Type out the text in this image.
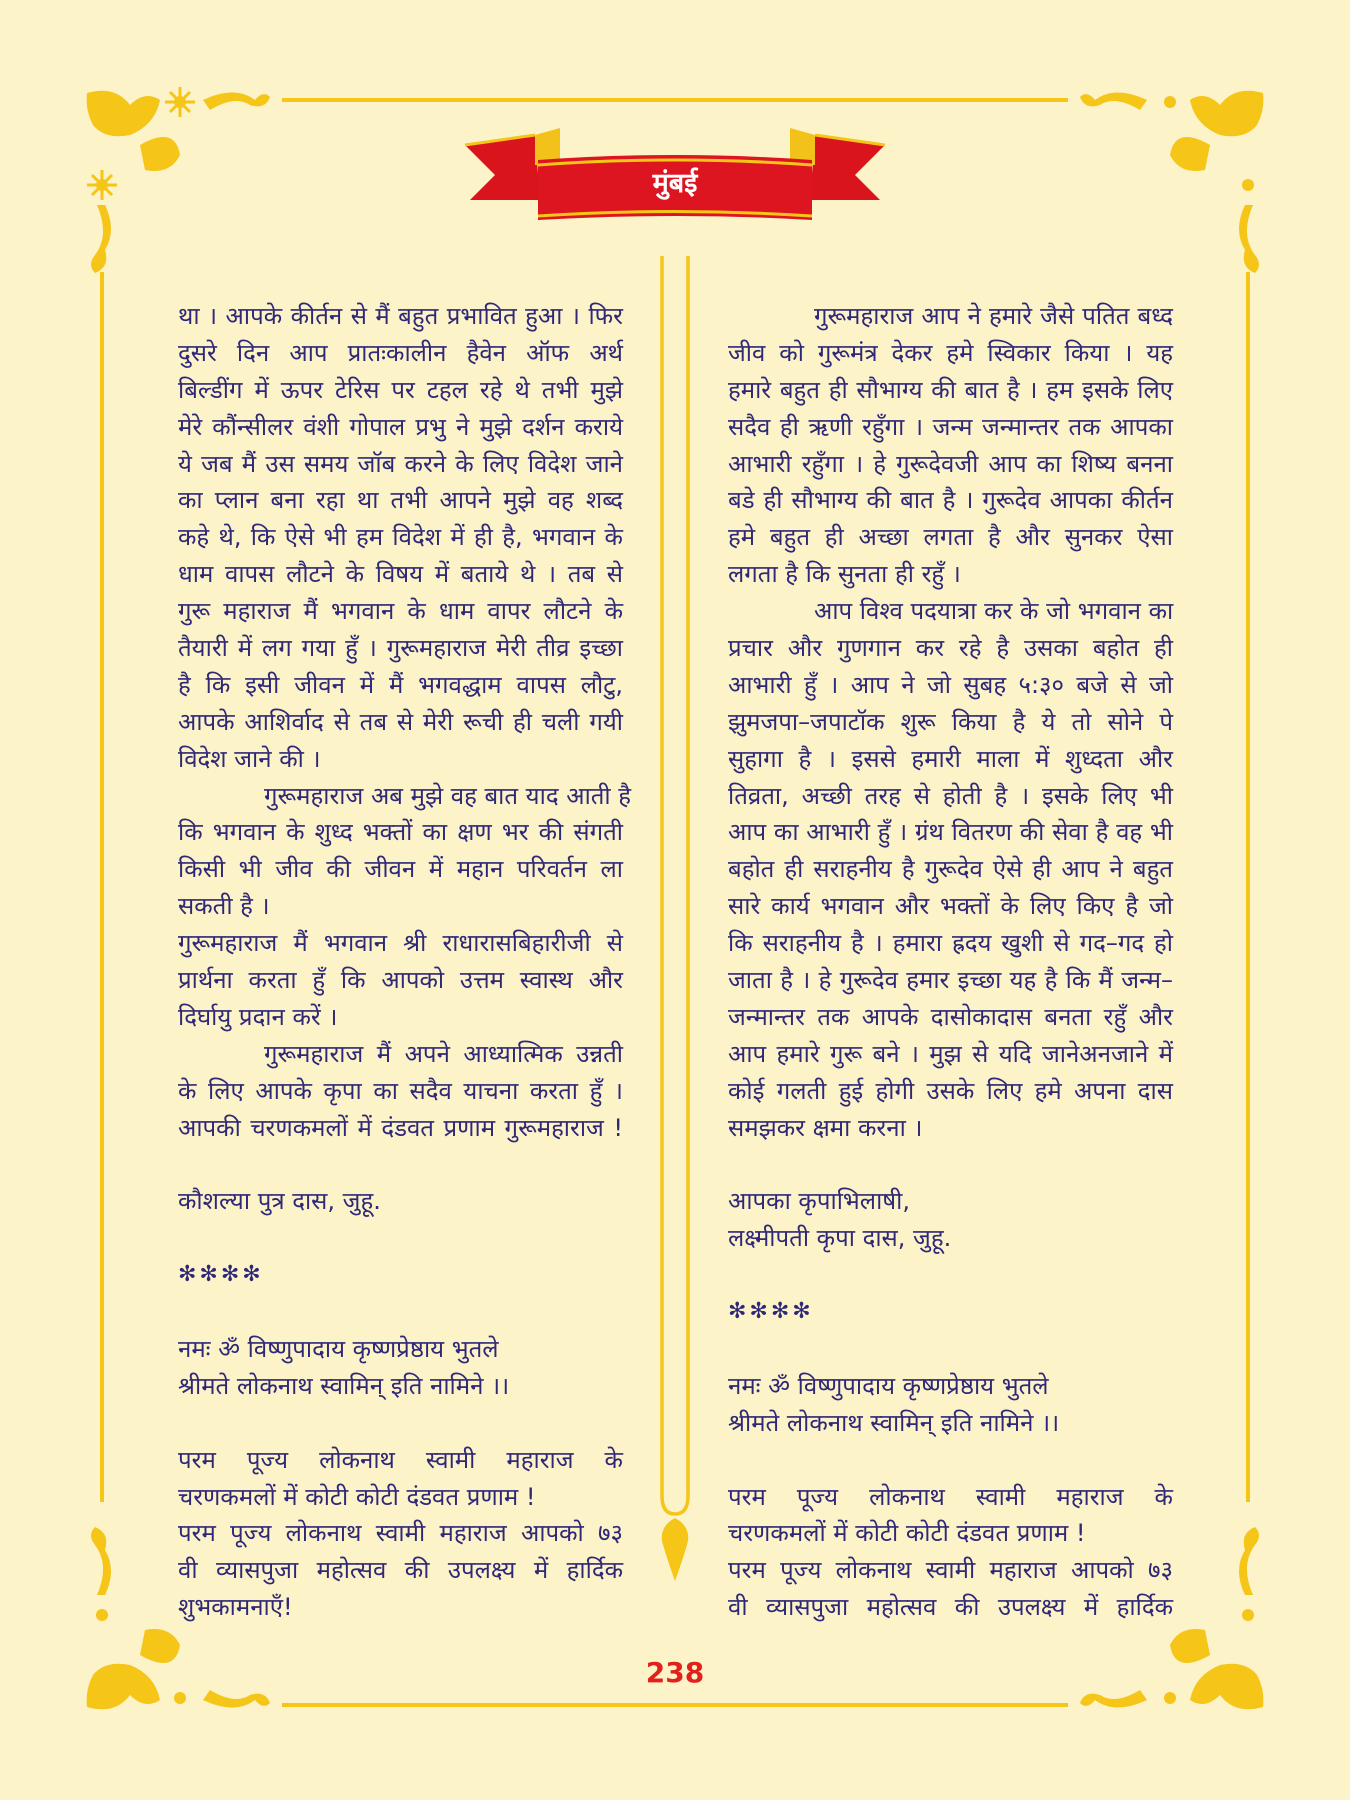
मुंबई
था । आपके कीर्तन से मैं बहुत प्रभावित हुआ । फिर
दुसरे दिन आप प्रातःकालीन हैवेन ऑफ अर्थ
बिल्डींग में ऊपर टेरिस पर टहल रहे थे तभी मुझे
मेरे कौंन्सीलर वंशी गोपाल प्रभु ने मुझे दर्शन कराये
ये जब मैं उस समय जॉब करने के लिए विदेश जाने
का प्लान बना रहा था तभी आपने मुझे वह शब्द
कहे थे, कि ऐसे भी हम विदेश में ही है, भगवान के
धाम वापस लौटने के विषय में बताये थे । तब से
गुरू महाराज मैं भगवान के धाम वापर लौटने के
तैयारी में लग गया हुँ । गुरूमहाराज मेरी तीव्र इच्छा
है कि इसी जीवन में मैं भगवद्धाम वापस लौटु,
आपके आशिर्वाद से तब से मेरी रूची ही चली गयी
विदेश जाने की ।
गुरूमहाराज अब मुझे वह बात याद आती है
कि भगवान के शुध्द भक्तों का क्षण भर की संगती
किसी भी जीव की जीवन में महान परिवर्तन ला
सकती है ।
गुरूमहाराज मैं भगवान श्री राधारासबिहारीजी से
प्रार्थना करता हुँ कि आपको उत्तम स्वास्थ और
दिर्घायु प्रदान करें ।
गुरूमहाराज मैं अपने आध्यात्मिक उन्नती
के लिए आपके कृपा का सदैव याचना करता हुँ ।
आपकी चरणकमलों में दंडवत प्रणाम गुरूमहाराज !

कौशल्या पुत्र दास, जुहू.

✻✻✻✻

नमः ॐ विष्णुपादाय कृष्णप्रेष्ठाय भुतले
श्रीमते लोकनाथ स्वामिन् इति नामिने ।।

परम पूज्य लोकनाथ स्वामी महाराज के
चरणकमलों में कोटी कोटी दंडवत प्रणाम !
परम पूज्य लोकनाथ स्वामी महाराज आपको ७३
वी व्यासपुजा महोत्सव की उपलक्ष्य में हार्दिक
शुभकामनाएँ!
गुरूमहाराज आप ने हमारे जैसे पतित बध्द
जीव को गुरूमंत्र देकर हमे स्विकार किया । यह
हमारे बहुत ही सौभाग्य की बात है । हम इसके लिए
सदैव ही ऋणी रहुँगा । जन्म जन्मान्तर तक आपका
आभारी रहुँगा । हे गुरूदेवजी आप का शिष्य बनना
बडे ही सौभाग्य की बात है । गुरूदेव आपका कीर्तन
हमे बहुत ही अच्छा लगता है और सुनकर ऐसा
लगता है कि सुनता ही रहुँ ।
आप विश्व पदयात्रा कर के जो भगवान का
प्रचार और गुणगान कर रहे है उसका बहोत ही
आभारी हुँ । आप ने जो सुबह ५:३० बजे से जो
झुमजपा–जपाटॉक शुरू किया है ये तो सोने पे
सुहागा है । इससे हमारी माला में शुध्दता और
तिव्रता, अच्छी तरह से होती है । इसके लिए भी
आप का आभारी हुँ । ग्रंथ वितरण की सेवा है वह भी
बहोत ही सराहनीय है गुरूदेव ऐसे ही आप ने बहुत
सारे कार्य भगवान और भक्तों के लिए किए है जो
कि सराहनीय है । हमारा ह्रदय खुशी से गद–गद हो
जाता है । हे गुरूदेव हमार इच्छा यह है कि मैं जन्म–
जन्मान्तर तक आपके दासोकादास बनता रहुँ और
आप हमारे गुरू बने । मुझ से यदि जानेअनजाने में
कोई गलती हुई होगी उसके लिए हमे अपना दास
समझकर क्षमा करना ।

आपका कृपाभिलाषी,
लक्ष्मीपती कृपा दास, जुहू.

✻✻✻✻

नमः ॐ विष्णुपादाय कृष्णप्रेष्ठाय भुतले
श्रीमते लोकनाथ स्वामिन् इति नामिने ।।

परम पूज्य लोकनाथ स्वामी महाराज के
चरणकमलों में कोटी कोटी दंडवत प्रणाम !
परम पूज्य लोकनाथ स्वामी महाराज आपको ७३
वी व्यासपुजा महोत्सव की उपलक्ष्य में हार्दिक
238
